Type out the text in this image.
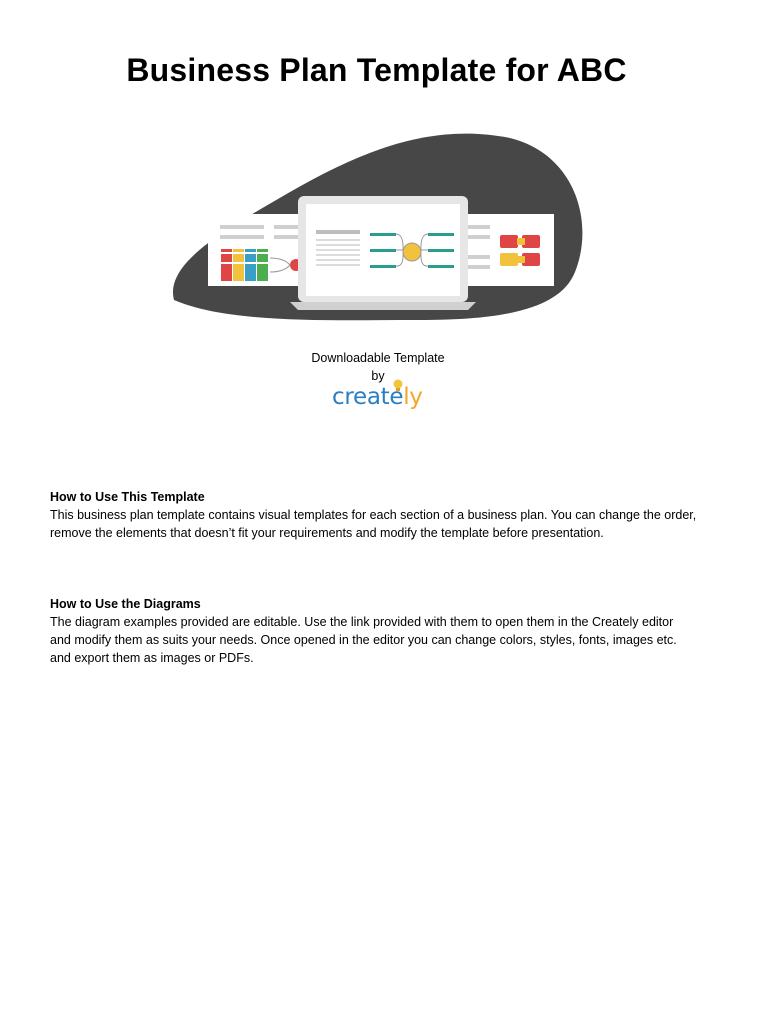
Business Plan Template for ABC
Downloadable Template
by
creately
How to Use This Template

This business plan template contains visual templates for each section of a business plan. You can change the order,

remove the elements that doesn’t fit your requirements and modify the template before presentation.

How to Use the Diagrams

The diagram examples provided are editable. Use the link provided with them to open them in the Creately editor

and modify them as suits your needs. Once opened in the editor you can change colors, styles, fonts, images etc.

and export them as images or PDFs.
